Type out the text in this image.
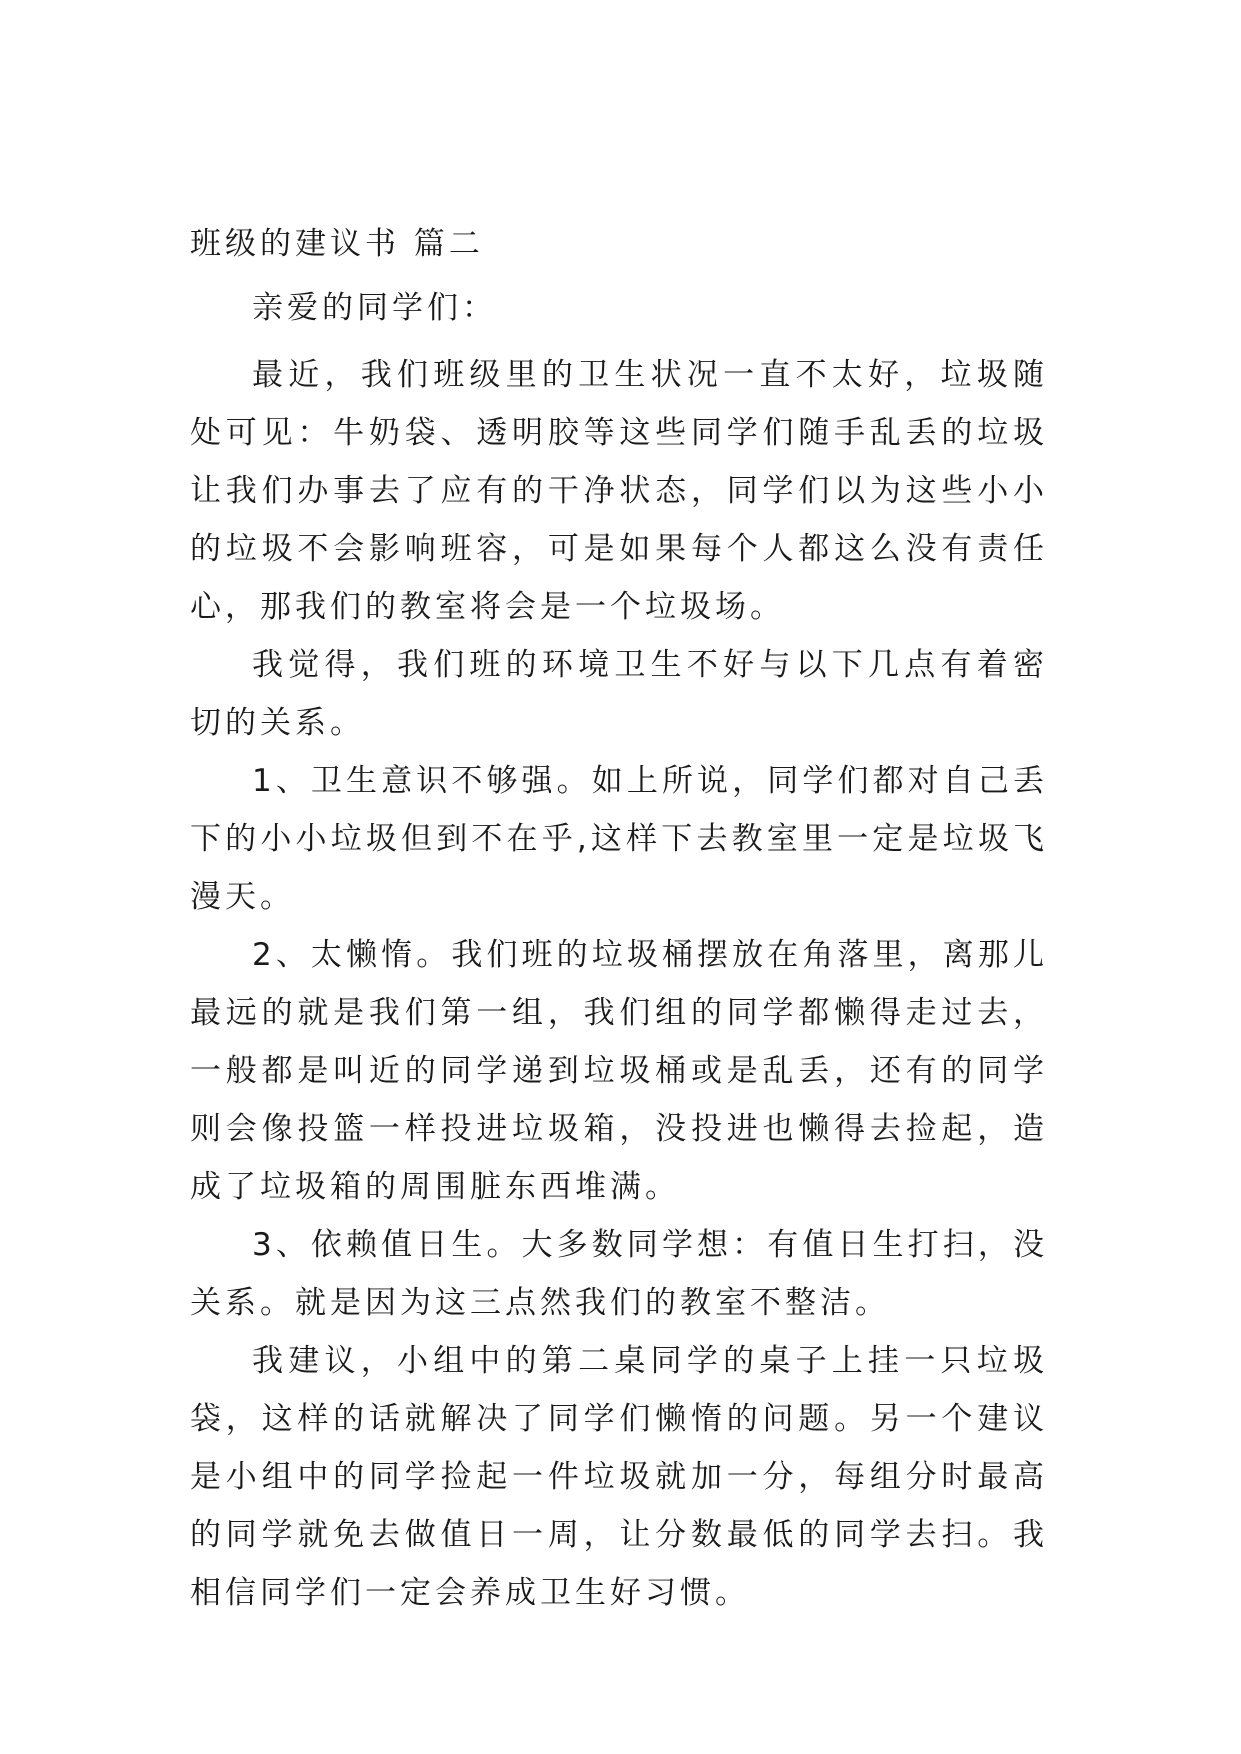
班级的建议书 篇二

亲爱的同学们：

最近，我们班级里的卫生状况一直不太好，垃圾随处可见：牛奶袋、透明胶等这些同学们随手乱丢的垃圾让我们办事去了应有的干净状态，同学们以为这些小小的垃圾不会影响班容，可是如果每个人都这么没有责任心，那我们的教室将会是一个垃圾场。

我觉得，我们班的环境卫生不好与以下几点有着密切的关系。

1、卫生意识不够强。如上所说，同学们都对自己丢下的小小垃圾但到不在乎,这样下去教室里一定是垃圾飞漫天。

2、太懒惰。我们班的垃圾桶摆放在角落里，离那儿最远的就是我们第一组，我们组的同学都懒得走过去，一般都是叫近的同学递到垃圾桶或是乱丢，还有的同学则会像投篮一样投进垃圾箱，没投进也懒得去捡起，造成了垃圾箱的周围脏东西堆满。

3、依赖值日生。大多数同学想：有值日生打扫，没关系。就是因为这三点然我们的教室不整洁。

我建议，小组中的第二桌同学的桌子上挂一只垃圾袋，这样的话就解决了同学们懒惰的问题。另一个建议是小组中的同学捡起一件垃圾就加一分，每组分时最高的同学就免去做值日一周，让分数最低的同学去扫。我相信同学们一定会养成卫生好习惯。
